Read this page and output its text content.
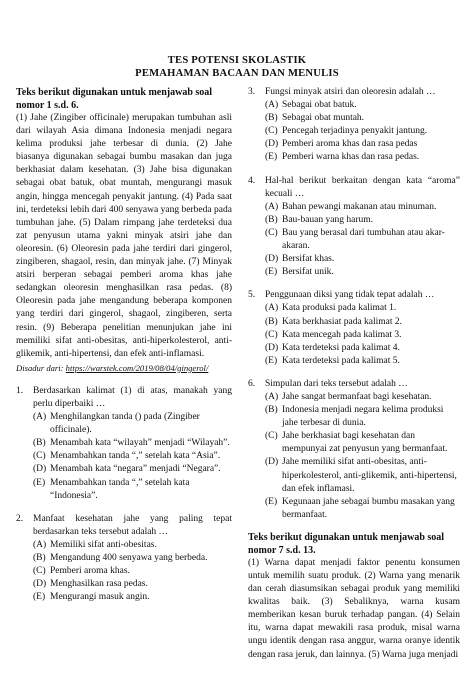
TES POTENSI SKOLASTIK
PEMAHAMAN BACAAN DAN MENULIS
Teks berikut digunakan untuk menjawab soal nomor 1 s.d. 6.
(1) Jahe (Zingiber officinale) merupakan tumbuhan asli dari wilayah Asia dimana Indonesia menjadi negara kelima produksi jahe terbesar di dunia. (2) Jahe biasanya digunakan sebagai bumbu masakan dan juga berkhasiat dalam kesehatan. (3) Jahe bisa digunakan sebagai obat batuk, obat muntah, mengurangi masuk angin, hingga mencegah penyakit jantung. (4) Pada saat ini, terdeteksi lebih dari 400 senyawa yang berbeda pada tumbuhan jahe. (5) Dalam rimpang jahe terdeteksi dua zat penyusun utama yakni minyak atsiri jahe dan oleoresin. (6) Oleoresin pada jahe terdiri dari gingerol, zingiberen, shagaol, resin, dan minyak jahe. (7) Minyak atsiri berperan sebagai pemberi aroma khas jahe sedangkan oleoresin menghasilkan rasa pedas. (8) Oleoresin pada jahe mengandung beberapa komponen yang terdiri dari gingerol, shagaol, zingiberen, serta resin. (9) Beberapa penelitian menunjukan jahe ini memiliki sifat anti-obesitas, anti-hiperkolesterol, anti-glikemik, anti-hipertensi, dan efek anti-inflamasi.
Disadur dari: https://warstek.com/2019/08/04/gingerol/
1. Berdasarkan kalimat (1) di atas, manakah yang perlu diperbaiki …
(A) Menghilangkan tanda () pada (Zingiber officinale).
(B) Menambah kata “wilayah” menjadi “Wilayah”.
(C) Menambahkan tanda “,” setelah kata “Asia”.
(D) Menambah kata “negara” menjadi “Negara”.
(E) Menambahkan tanda “,” setelah kata “Indonesia”.
2. Manfaat kesehatan jahe yang paling tepat berdasarkan teks tersebut adalah …
(A) Memiliki sifat anti-obesitas.
(B) Mengandung 400 senyawa yang berbeda.
(C) Pemberi aroma khas.
(D) Menghasilkan rasa pedas.
(E) Mengurangi masuk angin.
3. Fungsi minyak atsiri dan oleoresin adalah …
(A) Sebagai obat batuk.
(B) Sebagai obat muntah.
(C) Pencegah terjadinya penyakit jantung.
(D) Pemberi aroma khas dan rasa pedas
(E) Pemberi warna khas dan rasa pedas.
4. Hal-hal berikut berkaitan dengan kata “aroma” kecuali …
(A) Bahan pewangi makanan atau minuman.
(B) Bau-bauan yang harum.
(C) Bau yang berasal dari tumbuhan atau akar-akaran.
(D) Bersifat khas.
(E) Bersifat unik.
5. Penggunaan diksi yang tidak tepat adalah …
(A) Kata produksi pada kalimat 1.
(B) Kata berkhasiat pada kalimat 2.
(C) Kata mencegah pada kalimat 3.
(D) Kata terdeteksi pada kalimat 4.
(E) Kata terdeteksi pada kalimat 5.
6. Simpulan dari teks tersebut adalah …
(A) Jahe sangat bermanfaat bagi kesehatan.
(B) Indonesia menjadi negara kelima produksi jahe terbesar di dunia.
(C) Jahe berkhasiat bagi kesehatan dan mempunyai zat penyusun yang bermanfaat.
(D) Jahe memiliki sifat anti-obesitas, anti-hiperkolesterol, anti-glikemik, anti-hipertensi, dan efek inflamasi.
(E) Kegunaan jahe sebagai bumbu masakan yang bermanfaat.
Teks berikut digunakan untuk menjawab soal nomor 7 s.d. 13.
(1) Warna dapat menjadi faktor penentu konsumen untuk memilih suatu produk. (2) Warna yang menarik dan cerah diasumsikan sebagai produk yang memiliki kwalitas baik. (3) Sebaliknya, warna kusam memberikan kesan buruk terhadap pangan. (4) Selain itu, warna dapat mewakili rasa produk, misal warna ungu identik dengan rasa anggur, warna oranye identik dengan rasa jeruk, dan lainnya. (5) Warna juga menjadi
